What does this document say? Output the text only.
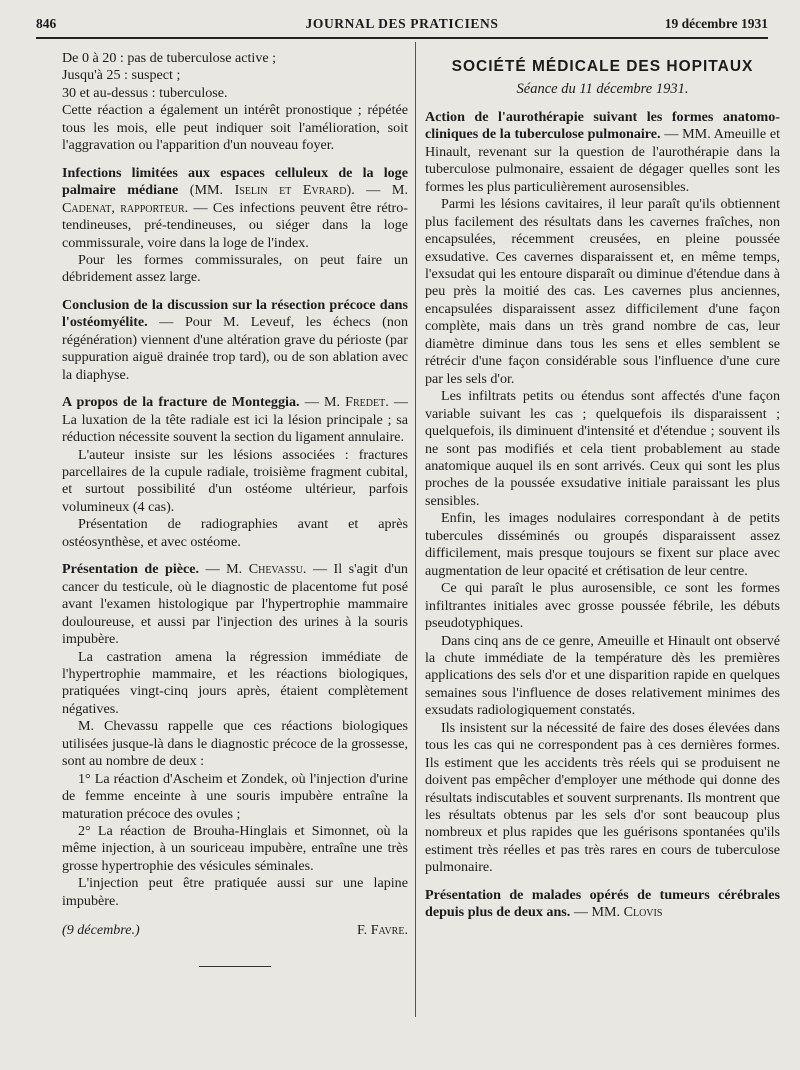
846	JOURNAL DES PRATICIENS	19 décembre 1931

De 0 à 20 : pas de tuberculose active ;

Jusqu'à 25 : suspect ;

30 et au-dessus : tuberculose.

Cette réaction a également un intérêt pronostique ; répétée tous les mois, elle peut indiquer soit l'amélioration, soit l'aggravation ou l'apparition d'un nouveau foyer.

Infections limitées aux espaces celluleux de la loge palmaire médiane (MM. Iselin et Evrard). — M. Cadenat, rapporteur. — Ces infections peuvent être rétro-tendineuses, pré-tendineuses, ou siéger dans la loge commissurale, voire dans la loge de l'index.

Pour les formes commissurales, on peut faire un débridement assez large.

Conclusion de la discussion sur la résection précoce dans l'ostéomyélite. — Pour M. Leveuf, les échecs (non régénération) viennent d'une altération grave du périoste (par suppuration aiguë drainée trop tard), ou de son ablation avec la diaphyse.

A propos de la fracture de Monteggia. — M. Fredet. — La luxation de la tête radiale est ici la lésion principale ; sa réduction nécessite souvent la section du ligament annulaire.

L'auteur insiste sur les lésions associées : fractures parcellaires de la cupule radiale, troisième fragment cubital, et surtout possibilité d'un ostéome ultérieur, parfois volumineux (4 cas).

Présentation de radiographies avant et après ostéosynthèse, et avec ostéome.

Présentation de pièce. — M. Chevassu. — Il s'agit d'un cancer du testicule, où le diagnostic de placentome fut posé avant l'examen histologique par l'hypertrophie mammaire douloureuse, et aussi par l'injection des urines à la souris impubère.

La castration amena la régression immédiate de l'hypertrophie mammaire, et les réactions biologiques, pratiquées vingt-cinq jours après, étaient complètement négatives.

M. Chevassu rappelle que ces réactions biologiques utilisées jusque-là dans le diagnostic précoce de la grossesse, sont au nombre de deux :

1° La réaction d'Ascheim et Zondek, où l'injection d'urine de femme enceinte à une souris impubère entraîne la maturation précoce des ovules ;

2° La réaction de Brouha-Hinglais et Simonnet, où la même injection, à un souriceau impubère, entraîne une très grosse hypertrophie des vésicules séminales.

L'injection peut être pratiquée aussi sur une lapine impubère.

(9 décembre.)	F. Favre.
SOCIÉTÉ MÉDICALE DES HOPITAUX
Séance du 11 décembre 1931.

Action de l'aurothérapie suivant les formes anatomo-cliniques de la tuberculose pulmonaire. — MM. Ameuille et Hinault, revenant sur la question de l'aurothérapie dans la tuberculose pulmonaire, essaient de dégager quelles sont les formes les plus particulièrement aurosensibles.

Parmi les lésions cavitaires, il leur paraît qu'ils obtiennent plus facilement des résultats dans les cavernes fraîches, non encapsulées, récemment creusées, en pleine poussée exsudative. Ces cavernes disparaissent et, en même temps, l'exsudat qui les entoure disparaît ou diminue d'étendue dans à peu près la moitié des cas. Les cavernes plus anciennes, encapsulées disparaissent assez difficilement d'une façon complète, mais dans un très grand nombre de cas, leur diamètre diminue dans tous les sens et elles semblent se rétrécir d'une façon considérable sous l'influence d'une cure par les sels d'or.

Les infiltrats petits ou étendus sont affectés d'une façon variable suivant les cas ; quelquefois ils disparaissent ; quelquefois, ils diminuent d'intensité et d'étendue ; souvent ils ne sont pas modifiés et cela tient probablement au stade anatomique auquel ils en sont arrivés. Ceux qui sont les plus proches de la poussée exsudative initiale paraissant les plus sensibles.

Enfin, les images nodulaires correspondant à de petits tubercules disséminés ou groupés disparaissent assez difficilement, mais presque toujours se fixent sur place avec augmentation de leur opacité et crétisation de leur centre.

Ce qui paraît le plus aurosensible, ce sont les formes infiltrantes initiales avec grosse poussée fébrile, les débuts pseudotyphiques.

Dans cinq ans de ce genre, Ameuille et Hinault ont observé la chute immédiate de la température dès les premières applications des sels d'or et une disparition rapide en quelques semaines sous l'influence de doses relativement minimes des exsudats radiologiquement constatés.

Ils insistent sur la nécessité de faire des doses élevées dans tous les cas qui ne correspondent pas à ces dernières formes. Ils estiment que les accidents très réels qui se produisent ne doivent pas empêcher d'employer une méthode qui donne des résultats indiscutables et souvent surprenants. Ils montrent que les résultats obtenus par les sels d'or sont beaucoup plus nombreux et plus rapides que les guérisons spontanées qu'ils estiment très réelles et pas très rares en cours de tuberculose pulmonaire.

Présentation de malades opérés de tumeurs cérébrales depuis plus de deux ans. — MM. Clovis
